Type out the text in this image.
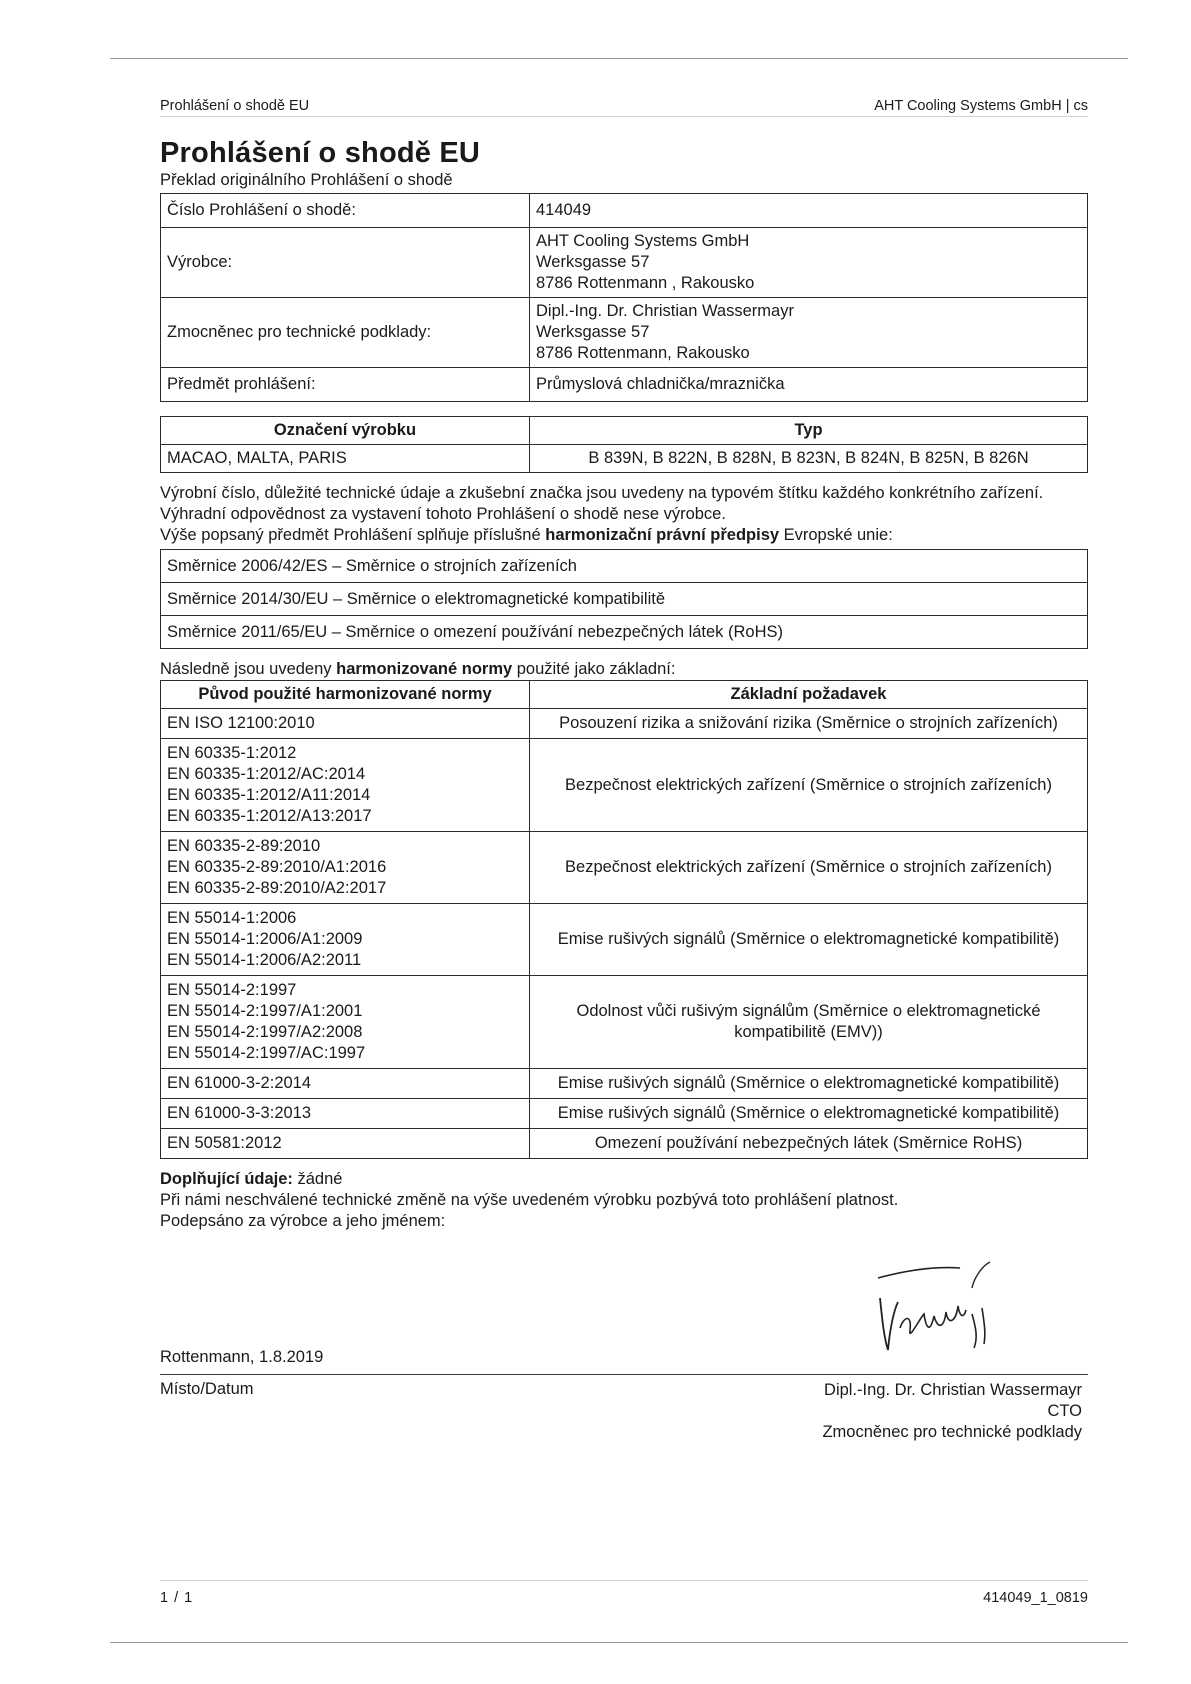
Prohlášení o shodě EU	AHT Cooling Systems GmbH | cs
Prohlášení o shodě EU
Překlad originálního Prohlášení o shodě
Číslo Prohlášení o shodě:	414049

Výrobce:	AHT Cooling Systems GmbH
Werksgasse 57
8786 Rottenmann , Rakousko

Zmocněnec pro technické podklady:	Dipl.-Ing. Dr. Christian Wassermayr
Werksgasse 57
8786 Rottenmann, Rakousko

Předmět prohlášení:	Průmyslová chladnička/mraznička
Označení výrobku	Typ
MACAO, MALTA, PARIS	B 839N, B 822N, B 828N, B 823N, B 824N, B 825N, B 826N

Výrobní číslo, důležité technické údaje a zkušební značka jsou uvedeny na typovém štítku každého konkrétního zařízení.

Výhradní odpovědnost za vystavení tohoto Prohlášení o shodě nese výrobce.

Výše popsaný předmět Prohlášení splňuje příslušné harmonizační právní předpisy Evropské unie:

Směrnice 2006/42/ES – Směrnice o strojních zařízeních
Směrnice 2014/30/EU – Směrnice o elektromagnetické kompatibilitě
Směrnice 2011/65/EU – Směrnice o omezení používání nebezpečných látek (RoHS)

Následně jsou uvedeny harmonizované normy použité jako základní:

Původ použité harmonizované normy	Základní požadavek

EN ISO 12100:2010	Posouzení rizika a snižování rizika (Směrnice o strojních zařízeních)

EN 60335-1:2012
EN 60335-1:2012/AC:2014
EN 60335-1:2012/A11:2014
EN 60335-1:2012/A13:2017	Bezpečnost elektrických zařízení (Směrnice o strojních zařízeních)

EN 60335-2-89:2010
EN 60335-2-89:2010/A1:2016
EN 60335-2-89:2010/A2:2017	Bezpečnost elektrických zařízení (Směrnice o strojních zařízeních)

EN 55014-1:2006
EN 55014-1:2006/A1:2009
EN 55014-1:2006/A2:2011	Emise rušivých signálů (Směrnice o elektromagnetické kompatibilitě)

EN 55014-2:1997
EN 55014-2:1997/A1:2001
EN 55014-2:1997/A2:2008
EN 55014-2:1997/AC:1997	Odolnost vůči rušivým signálům (Směrnice o elektromagnetické kompatibilitě (EMV))

EN 61000-3-2:2014	Emise rušivých signálů (Směrnice o elektromagnetické kompatibilitě)

EN 61000-3-3:2013	Emise rušivých signálů (Směrnice o elektromagnetické kompatibilitě)

EN 50581:2012	Omezení používání nebezpečných látek (Směrnice RoHS)

Doplňující údaje: žádné

Při námi neschválené technické změně na výše uvedeném výrobku pozbývá toto prohlášení platnost.

Podepsáno za výrobce a jeho jménem:

Rottenmann, 1.8.2019
Místo/Datum	Dipl.-Ing. Dr. Christian Wassermayr
CTO
Zmocněnec pro technické podklady
1 / 1	414049_1_0819
